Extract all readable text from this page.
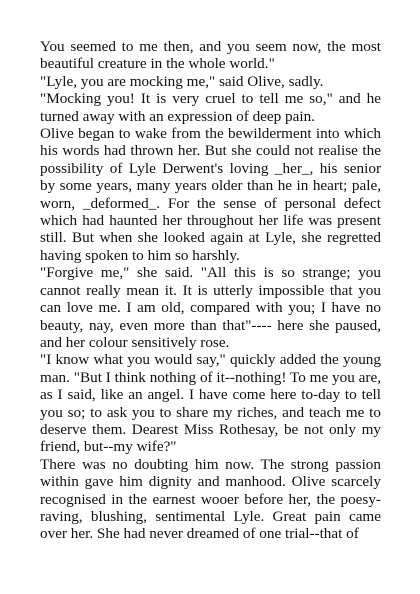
You seemed to me then, and you seem now, the most beautiful creature in the whole world."

"Lyle, you are mocking me," said Olive, sadly.

"Mocking you! It is very cruel to tell me so," and he turned away with an expression of deep pain.

Olive began to wake from the bewilderment into which his words had thrown her. But she could not realise the possibility of Lyle Derwent's loving _her_, his senior by some years, many years older than he in heart; pale, worn, _deformed_. For the sense of personal defect which had haunted her throughout her life was present still. But when she looked again at Lyle, she regretted having spoken to him so harshly.

"Forgive me," she said. "All this is so strange; you cannot really mean it. It is utterly impossible that you can love me. I am old, compared with you; I have no beauty, nay, even more than that"---- here she paused, and her colour sensitively rose.

"I know what you would say," quickly added the young man. "But I think nothing of it--nothing! To me you are, as I said, like an angel. I have come here to-day to tell you so; to ask you to share my riches, and teach me to deserve them. Dearest Miss Rothesay, be not only my friend, but--my wife?"

There was no doubting him now. The strong passion within gave him dignity and manhood. Olive scarcely recognised in the earnest wooer before her, the poesy-raving, blushing, sentimental Lyle. Great pain came over her. She had never dreamed of one trial--that of
